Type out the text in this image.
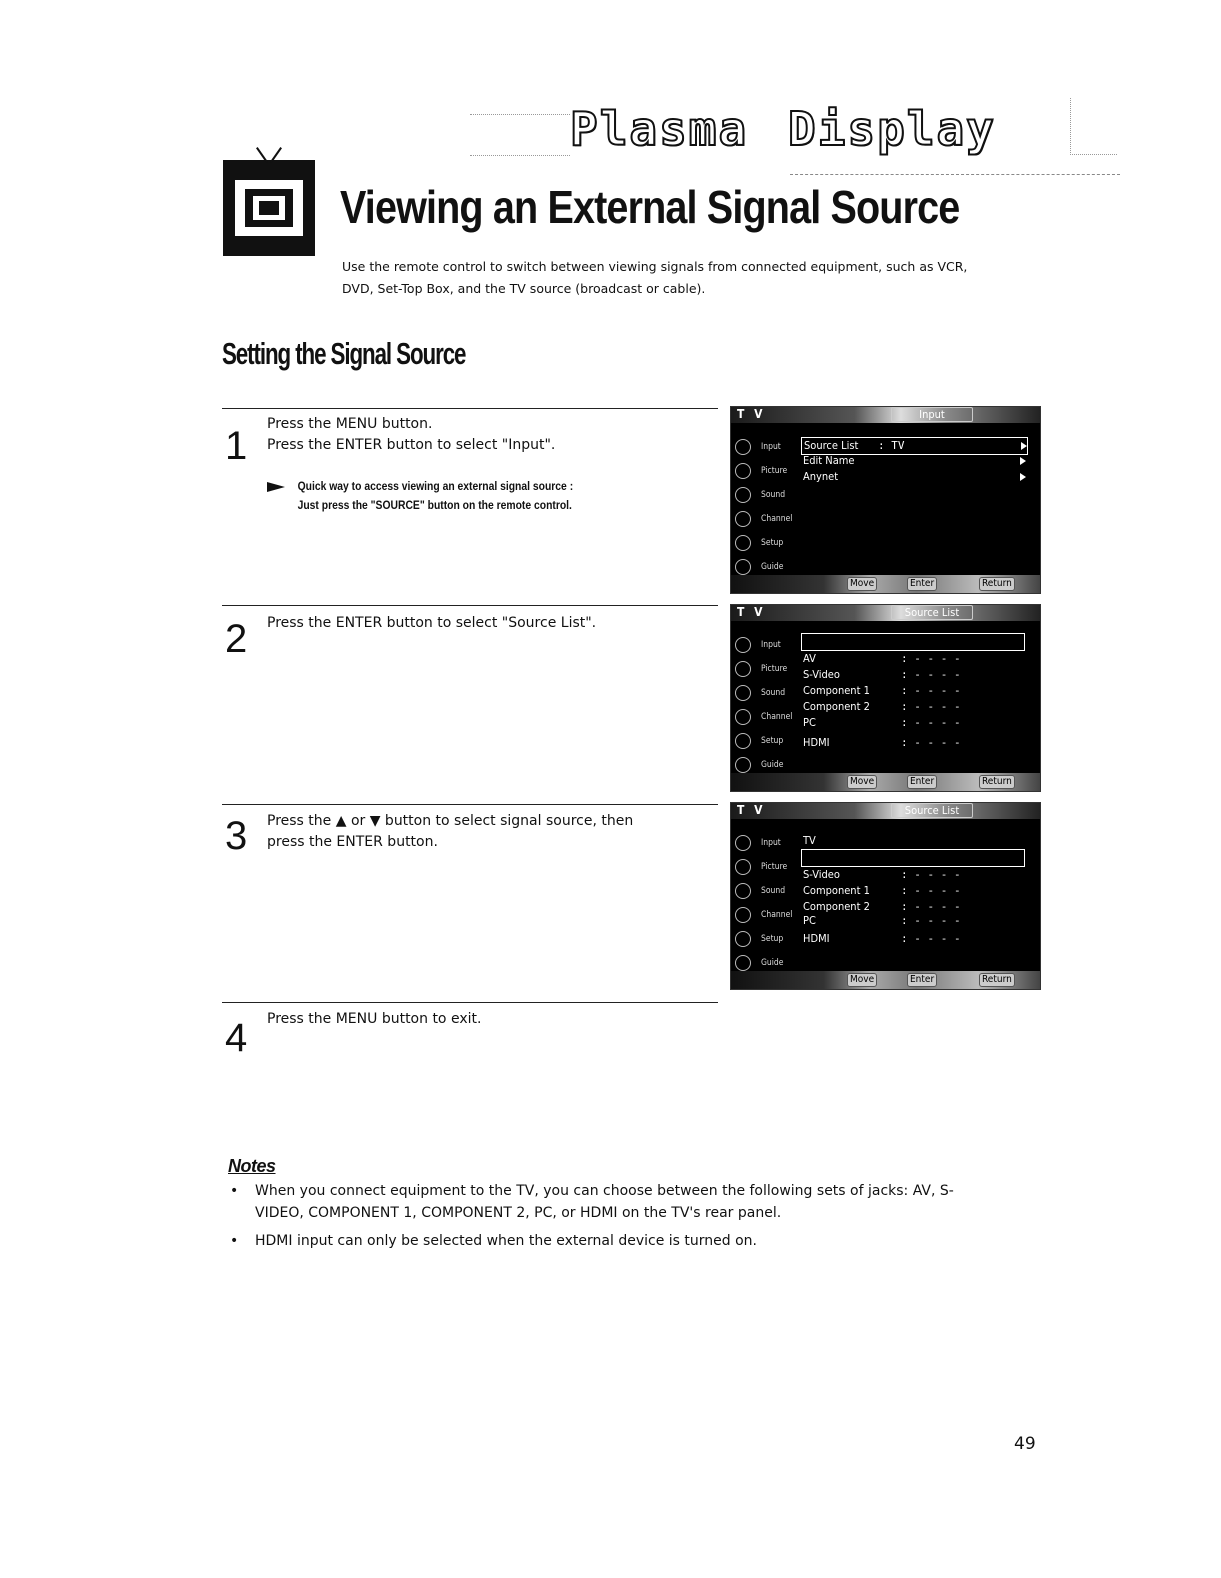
Plasma Display
Viewing an External Signal Source

Use the remote control to switch between viewing signals from connected equipment, such as VCR, DVD, Set-Top Box, and the TV source (broadcast or cable).

Setting the Signal Source
1 Press the MENU button.
Press the ENTER button to select "Input".
Quick way to access viewing an external signal source :
Just press the "SOURCE" button on the remote control.
2 Press the ENTER button to select "Source List".
3 Press the ▲ or ▼ button to select signal source, then
press the ENTER button.
4 Press the MENU button to exit.
T V	Input
Input
Picture
Sound
Channel
Setup
Guide
Source List : TV
Edit Name
Anynet
Move	Enter	Return
T V	Source List
Input
Picture
Sound
Channel
Setup
Guide
AV	: - - - -
S-Video	: - - - -
Component 1	: - - - -
Component 2	: - - - -
PC	: - - - -
HDMI	: - - - -
Move	Enter	Return
T V	Source List
Input
Picture
Sound
Channel
Setup
Guide
TV
S-Video	: - - - -
Component 1	: - - - -
Component 2	: - - - -
PC	: - - - -
HDMI	: - - - -
Move	Enter	Return
Notes
• When you connect equipment to the TV, you can choose between the following sets of jacks: AV, S-VIDEO, COMPONENT 1, COMPONENT 2, PC, or HDMI on the TV's rear panel.
• HDMI input can only be selected when the external device is turned on.
49
